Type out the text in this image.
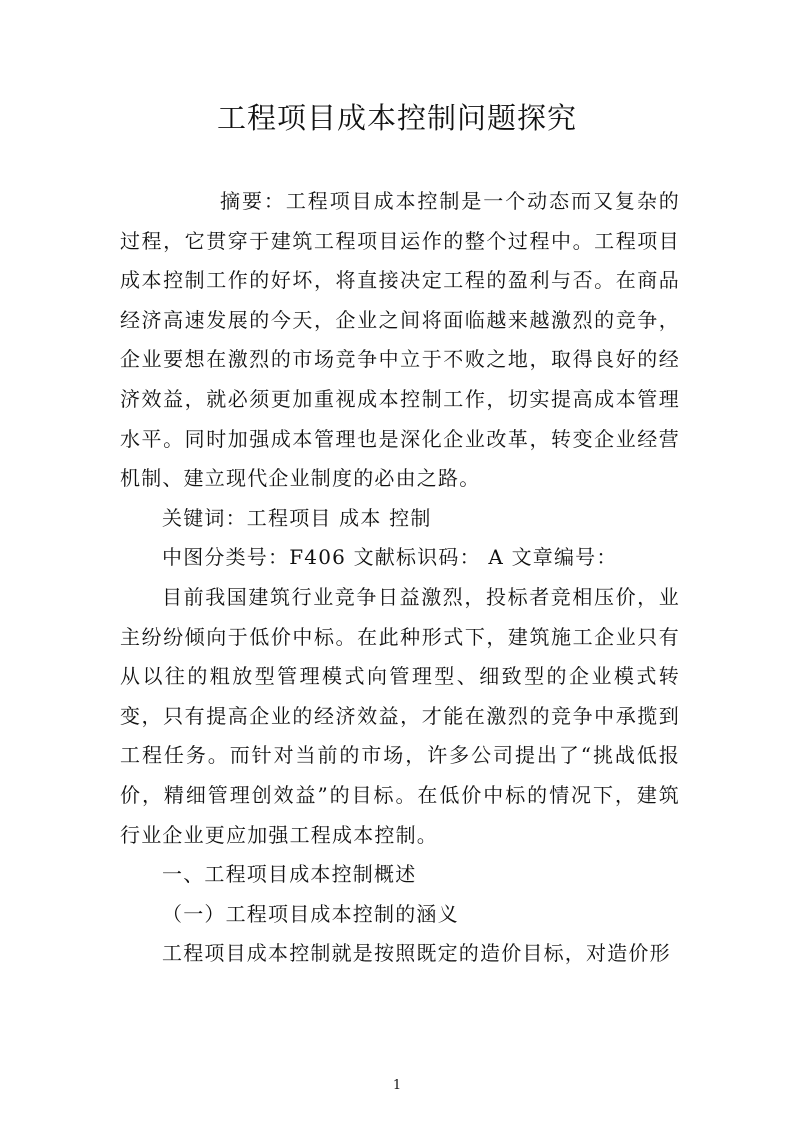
工程项目成本控制问题探究

摘要：工程项目成本控制是一个动态而又复杂的过程，它贯穿于建筑工程项目运作的整个过程中。工程项目成本控制工作的好坏，将直接决定工程的盈利与否。在商品经济高速发展的今天，企业之间将面临越来越激烈的竞争，企业要想在激烈的市场竞争中立于不败之地，取得良好的经济效益，就必须更加重视成本控制工作，切实提高成本管理水平。同时加强成本管理也是深化企业改革，转变企业经营机制、建立现代企业制度的必由之路。

关键词：工程项目 成本 控制

中图分类号：F406 文献标识码： A 文章编号：

目前我国建筑行业竞争日益激烈，投标者竞相压价，业主纷纷倾向于低价中标。在此种形式下，建筑施工企业只有从以往的粗放型管理模式向管理型、细致型的企业模式转变，只有提高企业的经济效益，才能在激烈的竞争中承揽到工程任务。而针对当前的市场，许多公司提出了“挑战低报价，精细管理创效益”的目标。在低价中标的情况下，建筑行业企业更应加强工程成本控制。

一、工程项目成本控制概述

（一）工程项目成本控制的涵义

工程项目成本控制就是按照既定的造价目标，对造价形

1
